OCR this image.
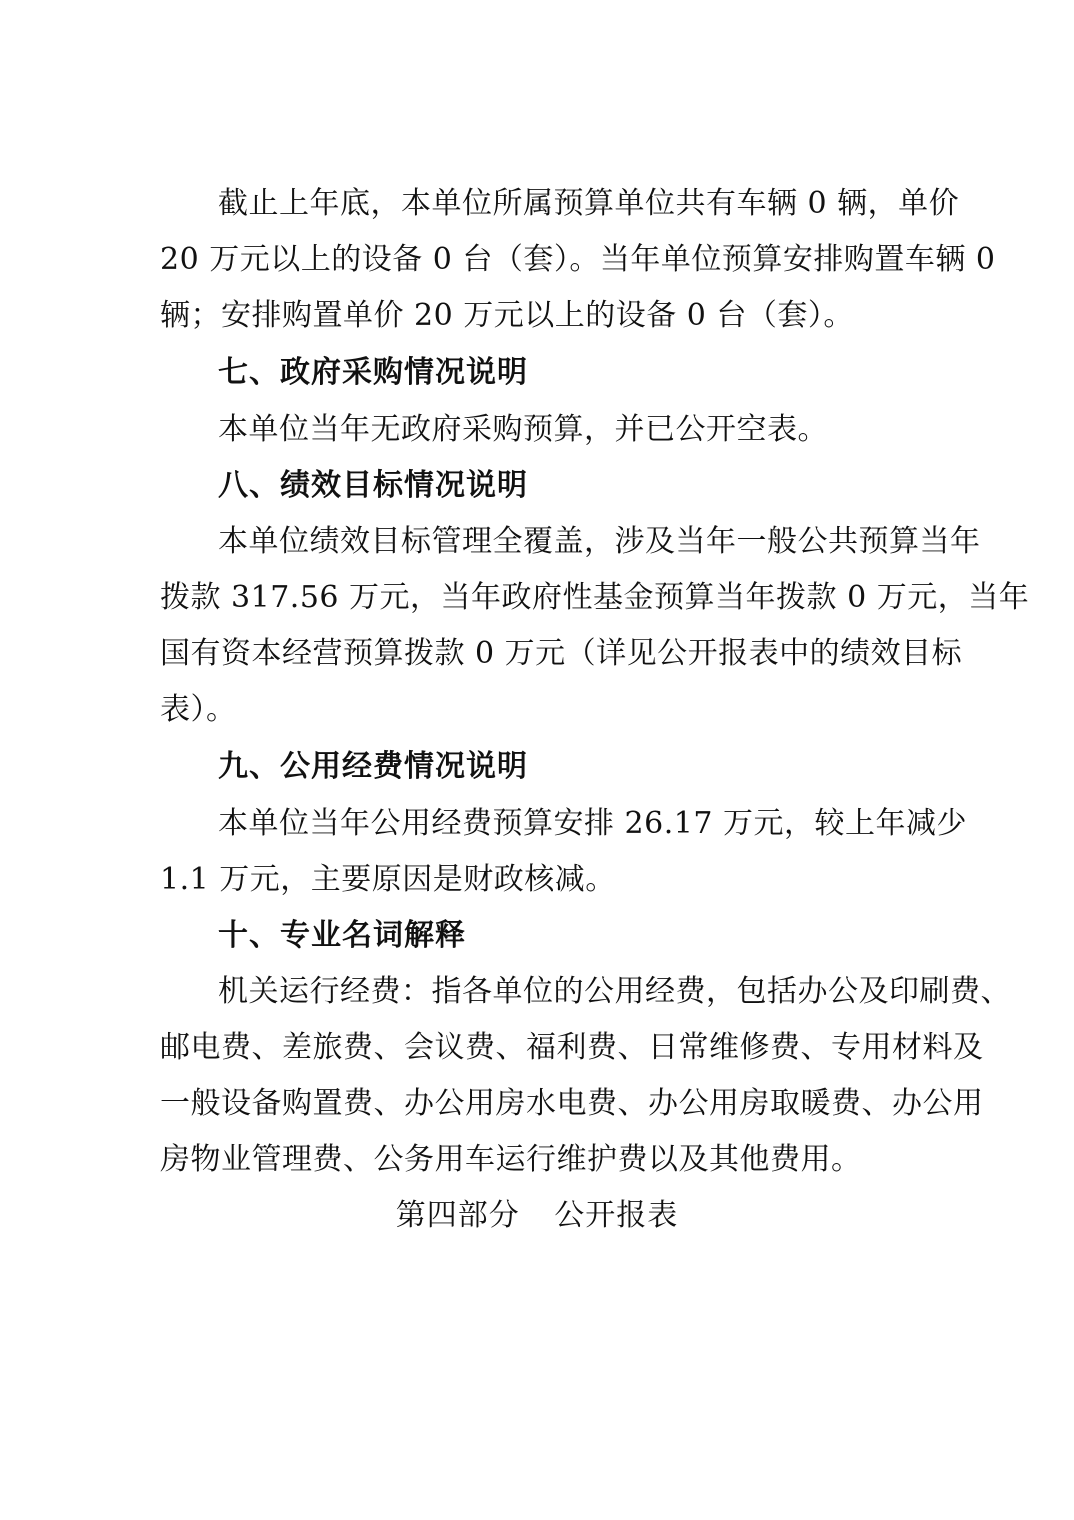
截止上年底，本单位所属预算单位共有车辆 0 辆，单价
20 万元以上的设备 0 台（套）。当年单位预算安排购置车辆 0
辆；安排购置单价 20 万元以上的设备 0 台（套）。
七、政府采购情况说明
本单位当年无政府采购预算，并已公开空表。
八、绩效目标情况说明
本单位绩效目标管理全覆盖，涉及当年一般公共预算当年
拨款 317.56 万元，当年政府性基金预算当年拨款 0 万元，当年
国有资本经营预算拨款 0 万元（详见公开报表中的绩效目标
表）。
九、公用经费情况说明
本单位当年公用经费预算安排 26.17 万元，较上年减少
1.1 万元，主要原因是财政核减。
十、专业名词解释
机关运行经费：指各单位的公用经费，包括办公及印刷费、
邮电费、差旅费、会议费、福利费、日常维修费、专用材料及
一般设备购置费、办公用房水电费、办公用房取暖费、办公用
房物业管理费、公务用车运行维护费以及其他费用。
第四部分 公开报表
